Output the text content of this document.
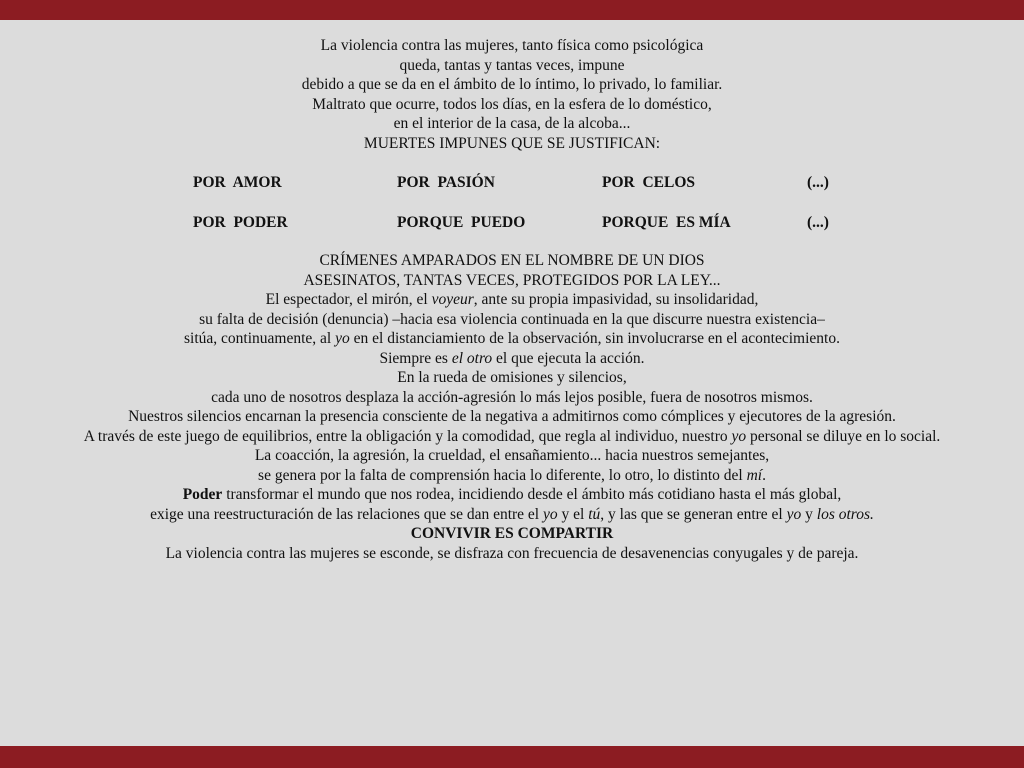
La violencia contra las mujeres, tanto física como psicológica
queda, tantas y tantas veces, impune
debido a que se da en el ámbito de lo íntimo, lo privado, lo familiar.
Maltrato que ocurre, todos los días, en la esfera de lo doméstico,
en el interior de la casa, de la alcoba...

MUERTES IMPUNES QUE SE JUSTIFICAN:

POR  AMOR	POR  PASIÓN	POR  CELOS	(...)
POR  PODER	PORQUE  PUEDO	PORQUE  ES MÍA	(...)

CRÍMENES AMPARADOS EN EL NOMBRE DE UN DIOS
ASESINATOS, TANTAS VECES, PROTEGIDOS POR LA LEY...

El espectador, el mirón, el voyeur, ante su propia impasividad, su insolidaridad,
su falta de decisión (denuncia) –hacia esa violencia continuada en la que discurre nuestra existencia–
sitúa, continuamente, al yo en el distanciamiento de la observación, sin involucrarse en el acontecimiento.
Siempre es el otro el que ejecuta la acción.

En la rueda de omisiones y silencios,
cada uno de nosotros desplaza la acción-agresión lo más lejos posible, fuera de nosotros mismos.
Nuestros silencios encarnan la presencia consciente de la negativa a admitirnos como cómplices y ejecutores de la agresión.
A través de este juego de equilibrios, entre la obligación y la comodidad, que regla al individuo, nuestro yo personal se diluye en lo social.

La coacción, la agresión, la crueldad, el ensañamiento... hacia nuestros semejantes,
se genera por la falta de comprensión hacia lo diferente, lo otro, lo distinto del mí.

Poder transformar el mundo que nos rodea, incidiendo desde el ámbito más cotidiano hasta el más global,
exige una reestructuración de las relaciones que se dan entre el yo y el tú, y las que se generan entre el yo y los otros.

CONVIVIR ES COMPARTIR

La violencia contra las mujeres se esconde, se disfraza con frecuencia de desavenencias conyugales y de pareja.
